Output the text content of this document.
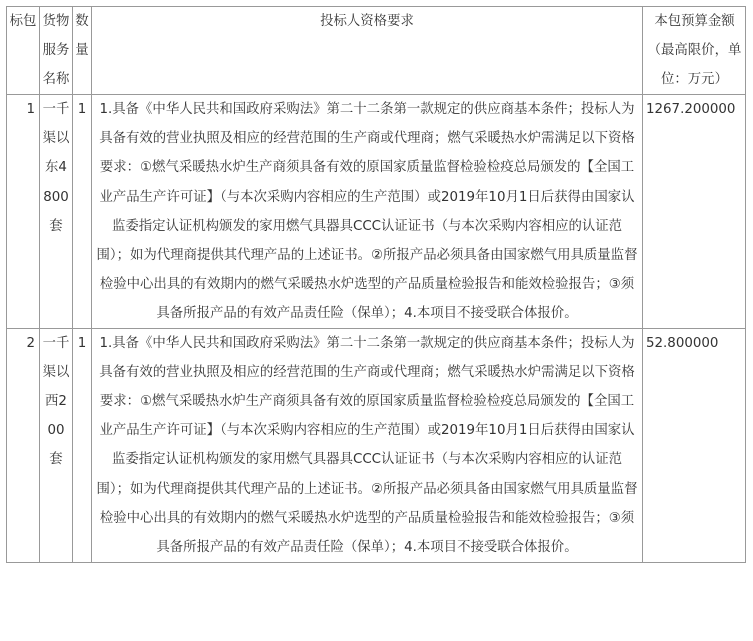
标包	货物服务名称	数量	投标人资格要求	本包预算金额（最高限价，单位：万元）
1	一千渠以东4800套	1	1.具备《中华人民共和国政府采购法》第二十二条第一款规定的供应商基本条件；投标人为具备有效的营业执照及相应的经营范围的生产商或代理商；燃气采暖热水炉需满足以下资格要求：①燃气采暖热水炉生产商须具备有效的原国家质量监督检验检疫总局颁发的【全国工业产品生产许可证】（与本次采购内容相应的生产范围）或2019年10月1日后获得由国家认监委指定认证机构颁发的家用燃气具器具CCC认证证书（与本次采购内容相应的认证范围）；如为代理商提供其代理产品的上述证书。②所报产品必须具备由国家燃气用具质量监督检验中心出具的有效期内的燃气采暖热水炉选型的产品质量检验报告和能效检验报告；③须具备所报产品的有效产品责任险（保单）；4.本项目不接受联合体报价。	1267.200000
2	一千渠以西200套	1	1.具备《中华人民共和国政府采购法》第二十二条第一款规定的供应商基本条件；投标人为具备有效的营业执照及相应的经营范围的生产商或代理商；燃气采暖热水炉需满足以下资格要求：①燃气采暖热水炉生产商须具备有效的原国家质量监督检验检疫总局颁发的【全国工业产品生产许可证】（与本次采购内容相应的生产范围）或2019年10月1日后获得由国家认监委指定认证机构颁发的家用燃气具器具CCC认证证书（与本次采购内容相应的认证范围）；如为代理商提供其代理产品的上述证书。②所报产品必须具备由国家燃气用具质量监督检验中心出具的有效期内的燃气采暖热水炉选型的产品质量检验报告和能效检验报告；③须具备所报产品的有效产品责任险（保单）；4.本项目不接受联合体报价。	52.800000
